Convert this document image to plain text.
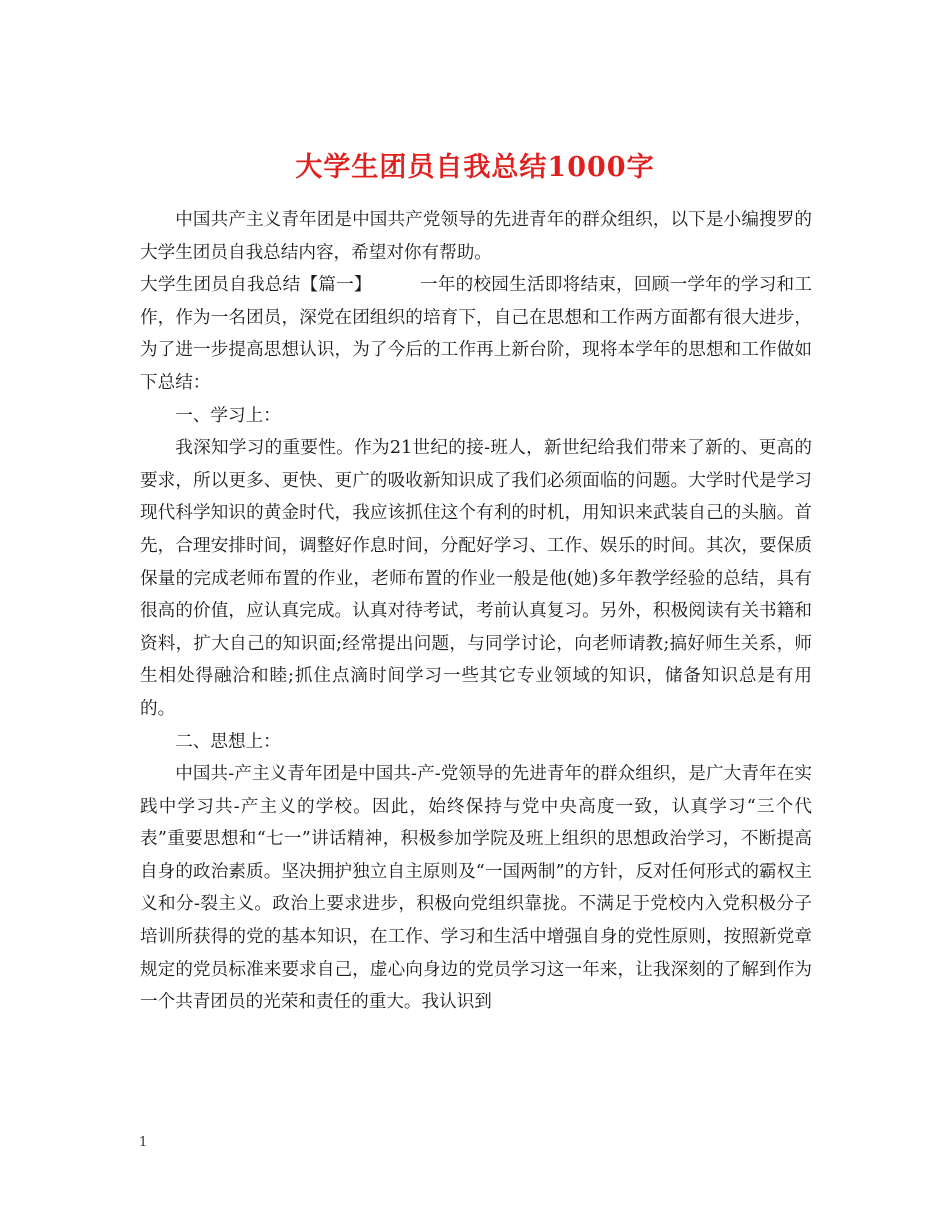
大学生团员自我总结1000字

中国共产主义青年团是中国共产党领导的先进青年的群众组织，以下是小编搜罗的大学生团员自我总结内容，希望对你有帮助。

大学生团员自我总结【篇一】	一年的校园生活即将结束，回顾一学年的学习和工作，作为一名团员，深党在团组织的培育下，自己在思想和工作两方面都有很大进步，为了进一步提高思想认识，为了今后的工作再上新台阶，现将本学年的思想和工作做如下总结：

一、学习上：

我深知学习的重要性。作为21世纪的接-班人，新世纪给我们带来了新的、更高的要求，所以更多、更快、更广的吸收新知识成了我们必须面临的问题。大学时代是学习现代科学知识的黄金时代，我应该抓住这个有利的时机，用知识来武装自己的头脑。首先，合理安排时间，调整好作息时间，分配好学习、工作、娱乐的时间。其次，要保质保量的完成老师布置的作业，老师布置的作业一般是他(她)多年教学经验的总结，具有很高的价值，应认真完成。认真对待考试，考前认真复习。另外，积极阅读有关书籍和资料，扩大自己的知识面;经常提出问题，与同学讨论，向老师请教;搞好师生关系，师生相处得融洽和睦;抓住点滴时间学习一些其它专业领域的知识，储备知识总是有用的。

二、思想上：

中国共-产主义青年团是中国共-产-党领导的先进青年的群众组织，是广大青年在实践中学习共-产主义的学校。因此，始终保持与党中央高度一致，认真学习“三个代表”重要思想和“七一”讲话精神，积极参加学院及班上组织的思想政治学习，不断提高自身的政治素质。坚决拥护独立自主原则及“一国两制”的方针，反对任何形式的霸权主义和分-裂主义。政治上要求进步，积极向党组织靠拢。不满足于党校内入党积极分子培训所获得的党的基本知识，在工作、学习和生活中增强自身的党性原则，按照新党章规定的党员标准来要求自己，虚心向身边的党员学习这一年来，让我深刻的了解到作为一个共青团员的光荣和责任的重大。我认识到

1
